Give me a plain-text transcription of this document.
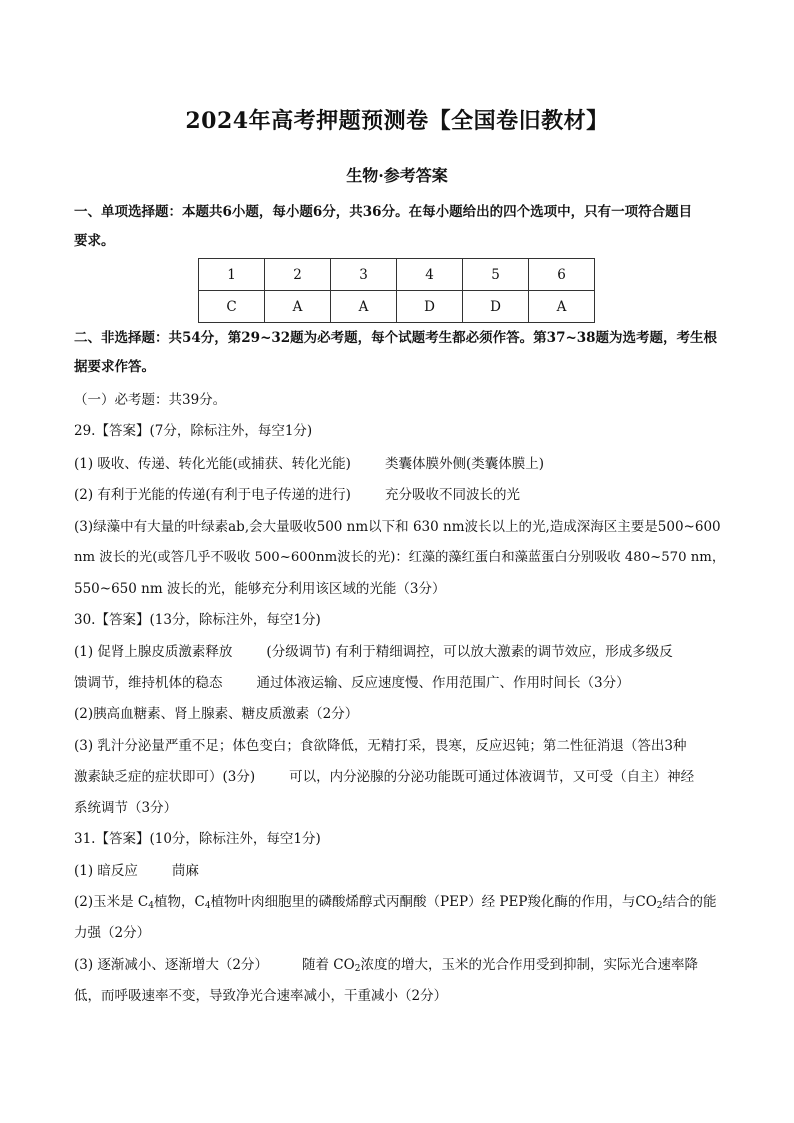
2024年高考押题预测卷【全国卷旧教材】
生物·参考答案
一、单项选择题：本题共6小题，每小题6分，共36分。在每小题给出的四个选项中，只有一项符合题目
要求。
1	2	3	4	5	6
C	A	A	D	D	A
二、非选择题：共54分，第29~32题为必考题，每个试题考生都必须作答。第37~38题为选考题，考生根
据要求作答。
（一）必考题：共39分。
29.【答案】(7分，除标注外，每空1分)
(1) 吸收、传递、转化光能(或捕获、转化光能)	类囊体膜外侧(类囊体膜上)
(2) 有利于光能的传递(有利于电子传递的进行)	充分吸收不同波长的光
(3)绿藻中有大量的叶绿素ab,会大量吸收500 nm以下和 630 nm波长以上的光,造成深海区主要是500~600
nm 波长的光(或答几乎不吸收 500~600nm波长的光)：红藻的藻红蛋白和藻蓝蛋白分别吸收 480~570 nm，
550~650 nm 波长的光，能够充分利用该区域的光能（3分）
30.【答案】(13分，除标注外，每空1分)
(1) 促肾上腺皮质激素释放	(分级调节) 有利于精细调控，可以放大激素的调节效应，形成多级反
馈调节，维持机体的稳态	通过体液运输、反应速度慢、作用范围广、作用时间长（3分）
(2)胰高血糖素、肾上腺素、糖皮质激素（2分）
(3) 乳汁分泌量严重不足；体色变白；食欲降低，无精打采，畏寒，反应迟钝；第二性征消退（答出3种
激素缺乏症的症状即可）(3分)	可以，内分泌腺的分泌功能既可通过体液调节，又可受（自主）神经
系统调节（3分）
31.【答案】(10分，除标注外，每空1分)
(1) 暗反应	茼麻
(2)玉米是 $C_4$植物，$C_4$植物叶肉细胞里的磷酸烯醇式丙酮酸（PEP）经 PEP羧化酶的作用，与$CO_2$结合的能
力强（2分）
(3) 逐渐减小、逐渐增大（2分）	随着 $CO_2$浓度的增大，玉米的光合作用受到抑制，实际光合速率降
低，而呼吸速率不变，导致净光合速率减小，干重减小（2分）
